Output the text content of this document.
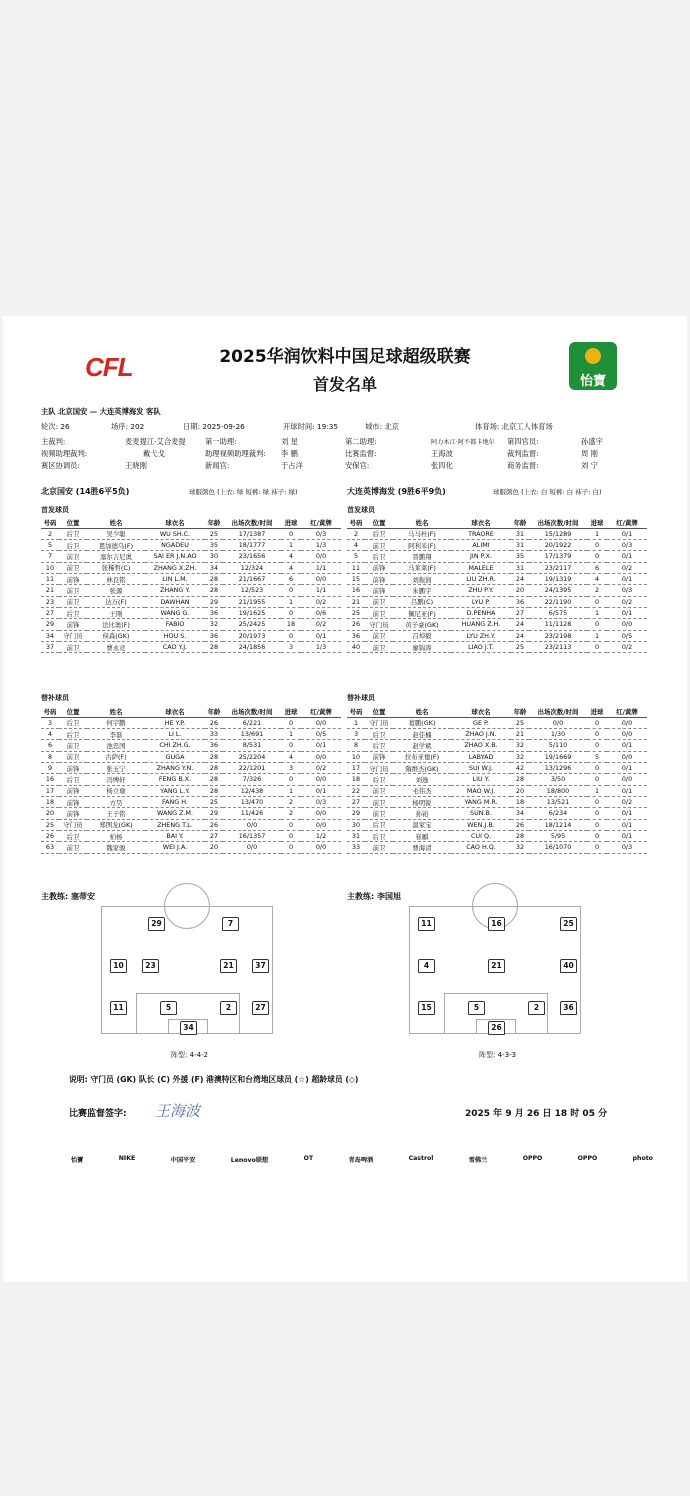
CFL	怡寶
2025华润饮料中国足球超级联赛
首发名单
主队 北京国安 — 大连英博海发 客队
轮次: 26	场序: 202	日期: 2025-09-26	开球时间: 19:35	城市: 北京	体育场: 北京工人体育场
主裁判:	麦麦提江·艾合麦提	第一助理:	刘 星	第二助理:	阿力木江·阿不都卡地尔 第四官员:	孙盛宇
视频助理裁判:	戴弋戈	助理视频助理裁判: 李 鹏	比赛监督:	王海波	裁判监督:	周 刚
赛区协调员:	王晓刚	新闻官:	于占洋	安保官:	张四化	商务监督:	刘 宁
北京国安 (14胜6平5负)	球服颜色 (上衣: 绿 短裤: 绿 袜子: 绿)
首发球员
号码	位置	姓名	球衣名	年龄	出场次数/时间	进球	红/黄牌
2	后卫	吴少聪	WU SH.C.	25	17/1387	0	0/3
5	后卫	恩加德乌(F)	NGADEU	35	18/1777	1	1/3
7	前卫	塞尔吉尼奥	SAI ER J.N.AO	30	23/1656	4	0/0
10	前卫	张稀哲(C)	ZHANG X.ZH.	34	12/324	4	1/1
11	前锋	林良铭	LIN L.M.	28	21/1667	6	0/0
21	前卫	张源	ZHANG Y.	28	12/523	0	1/1
23	前卫	达万(F)	DAWHAN	29	21/1955	1	0/2
27	后卫	王刚	WANG G.	36	19/1625	0	0/6
29	前锋	法比奥(F)	FABIO	32	25/2425	18	0/2
34	守门员	侯森(GK)	HOU S.	36	20/1973	0	0/1
37	前卫	曹永竞	CAO Y.J.	28	24/1856	3	1/3
替补球员
号码	位置	姓名	球衣名	年龄	出场次数/时间	进球	红/黄牌
3	后卫	何宇鹏	HE Y.P.	26	6/221	0	0/0
4	后卫	李磊	LI L.	33	13/691	1	0/5
6	前卫	池忠国	CHI ZH.G.	36	8/531	0	0/1
8	前卫	古萨(F)	GUGA	28	25/2204	4	0/0
9	前锋	张玉宁	ZHANG Y.N.	28	22/1201	3	0/2
16	后卫	冯博轩	FENG B.X.	28	7/326	0	0/0
17	前锋	杨立瑜	YANG L.Y.	28	12/438	1	0/1
18	前锋	方昊	FANG H.	25	13/470	2	0/3
20	前锋	王子铭	WANG Z.M.	29	11/426	2	0/0
25	守门员	郑图龙(GK)	ZHENG T.L.	26	0/0	0	0/0
26	后卫	柏杨	BAI Y.	27	16/1357	0	1/2
63	前卫	魏家骏	WEI J.A.	20	0/0	0	0/0
大连英博海发 (9胜6平9负)	球服颜色 (上衣: 白 短裤: 白 袜子: 白)
首发球员
号码	位置	姓名	球衣名	年龄	出场次数/时间	进球	红/黄牌
2	后卫	马马杜(F)	TRAORE	31	15/1289	1	0/1
4	前卫	阿利米(F)	ALIMI	31	20/1922	0	0/3
5	后卫	晋鹏翔	JIN P.X.	35	17/1379	0	0/1
11	前锋	马莱莱(F)	MALELE	31	23/2117	6	0/2
15	前锋	刘振润	LIU ZH.R.	24	19/1319	4	0/1
16	前锋	朱鹏宇	ZHU P.Y.	20	24/1395	2	0/3
21	前卫	吕鹏(C)	LYU P.	36	22/1190	0	0/2
25	前卫	佩尼亚(F)	D.PENHA	27	6/575	1	0/1
26	守门员	黄子豪(GK)	HUANG Z.H.	24	11/1128	0	0/0
36	前卫	吕焯毅	LYU ZH.Y.	24	23/2198	1	0/5
40	前卫	廖锦涛	LIAO J.T.	25	23/2113	0	0/2
替补球员
号码	位置	姓名	球衣名	年龄	出场次数/时间	进球	红/黄牌
1	守门员	葛鹏(GK)	GE P.	25	0/0	0	0/0
3	后卫	赵佳楠	ZHAO J.N.	21	1/30	0	0/0
8	后卫	赵学斌	ZHAO X.B.	32	5/110	0	0/1
10	前锋	拉布亚德(F)	LABYAD	32	19/1669	5	0/0
17	守门员	隋维杰(GK)	SUI W.J.	42	13/1296	0	0/1
18	后卫	刘逸	LIU Y.	28	3/50	0	0/0
22	前卫	毛伟杰	MAO W.J.	20	18/800	1	0/1
27	前卫	杨明锐	YANG M.R.	18	13/521	0	0/2
29	前卫	孙铂	SUN.B.	34	6/234	0	0/1
30	后卫	温家宝	WEN.J.B.	26	18/1214	0	0/1
31	后卫	崔麒	CUI Q.	28	5/95	0	0/1
33	前卫	曹海清	CAO H.Q.	32	16/1070	0	0/3
主教练: 塞蒂安	主教练: 李国旭
29	7
10	23	21	37
11	5	2	27
34
阵型: 4-4-2
11	16	25
4	21	40
15	5	2	36
26
阵型: 4-3-3
说明: 守门员 (GK) 队长 (C) 外援 (F) 港澳特区和台湾地区球员 (☆) 超龄球员 (◇)
比赛监督签字: 王海波	2025 年 9 月 26 日 18 时 05 分
怡寶	NIKE	中国平安	Lenovo联想	OT	青岛啤酒	Castrol	雪佛兰	OPPO	OPPO	photo
